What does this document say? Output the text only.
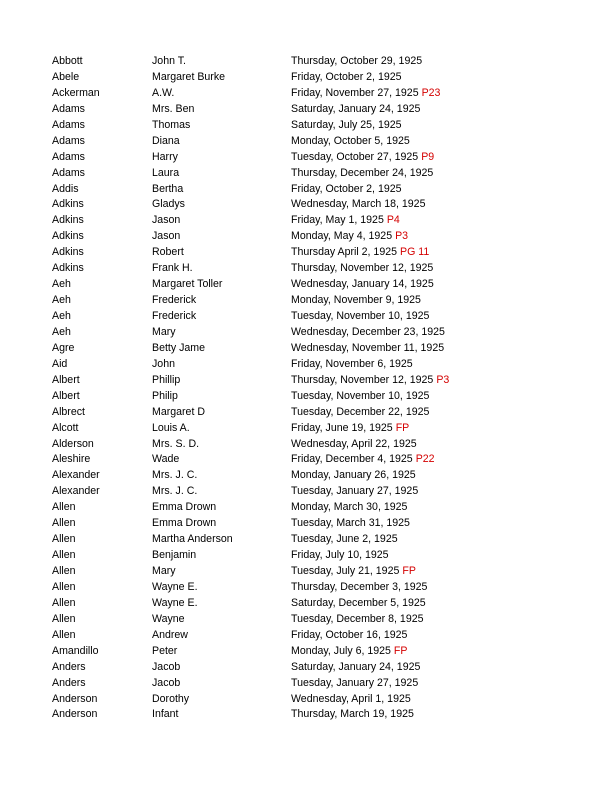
Abbott	John T.	Thursday, October 29, 1925
Abele	Margaret Burke	Friday, October 2, 1925
Ackerman	A.W.	Friday, November 27, 1925 P23
Adams	Mrs. Ben	Saturday, January 24, 1925
Adams	Thomas	Saturday, July 25, 1925
Adams	Diana	Monday, October 5, 1925
Adams	Harry	Tuesday, October 27, 1925 P9
Adams	Laura	Thursday, December 24, 1925
Addis	Bertha	Friday, October 2, 1925
Adkins	Gladys	Wednesday, March 18, 1925
Adkins	Jason	Friday, May 1, 1925 P4
Adkins	Jason	Monday, May 4, 1925 P3
Adkins	Robert	Thursday April 2, 1925 PG 11
Adkins	Frank H.	Thursday, November 12, 1925
Aeh	Margaret Toller	Wednesday, January 14, 1925
Aeh	Frederick	Monday, November 9, 1925
Aeh	Frederick	Tuesday, November 10, 1925
Aeh	Mary	Wednesday, December 23, 1925
Agre	Betty Jame	Wednesday, November 11, 1925
Aid	John	Friday, November 6, 1925
Albert	Phillip	Thursday, November 12, 1925 P3
Albert	Philip	Tuesday, November 10, 1925
Albrect	Margaret D	Tuesday, December 22, 1925
Alcott	Louis A.	Friday, June 19, 1925 FP
Alderson	Mrs. S. D.	Wednesday, April 22, 1925
Aleshire	Wade	Friday, December 4, 1925 P22
Alexander	Mrs. J. C.	Monday, January 26, 1925
Alexander	Mrs. J. C.	Tuesday, January 27, 1925
Allen	Emma Drown	Monday, March 30, 1925
Allen	Emma Drown	Tuesday, March 31, 1925
Allen	Martha Anderson	Tuesday, June 2, 1925
Allen	Benjamin	Friday, July 10, 1925
Allen	Mary	Tuesday, July 21, 1925 FP
Allen	Wayne E.	Thursday, December 3, 1925
Allen	Wayne E.	Saturday, December 5, 1925
Allen	Wayne	Tuesday, December 8, 1925
Allen	Andrew	Friday, October 16, 1925
Amandillo	Peter	Monday, July 6, 1925 FP
Anders	Jacob	Saturday, January 24, 1925
Anders	Jacob	Tuesday, January 27, 1925
Anderson	Dorothy	Wednesday, April 1, 1925
Anderson	Infant	Thursday, March 19, 1925
